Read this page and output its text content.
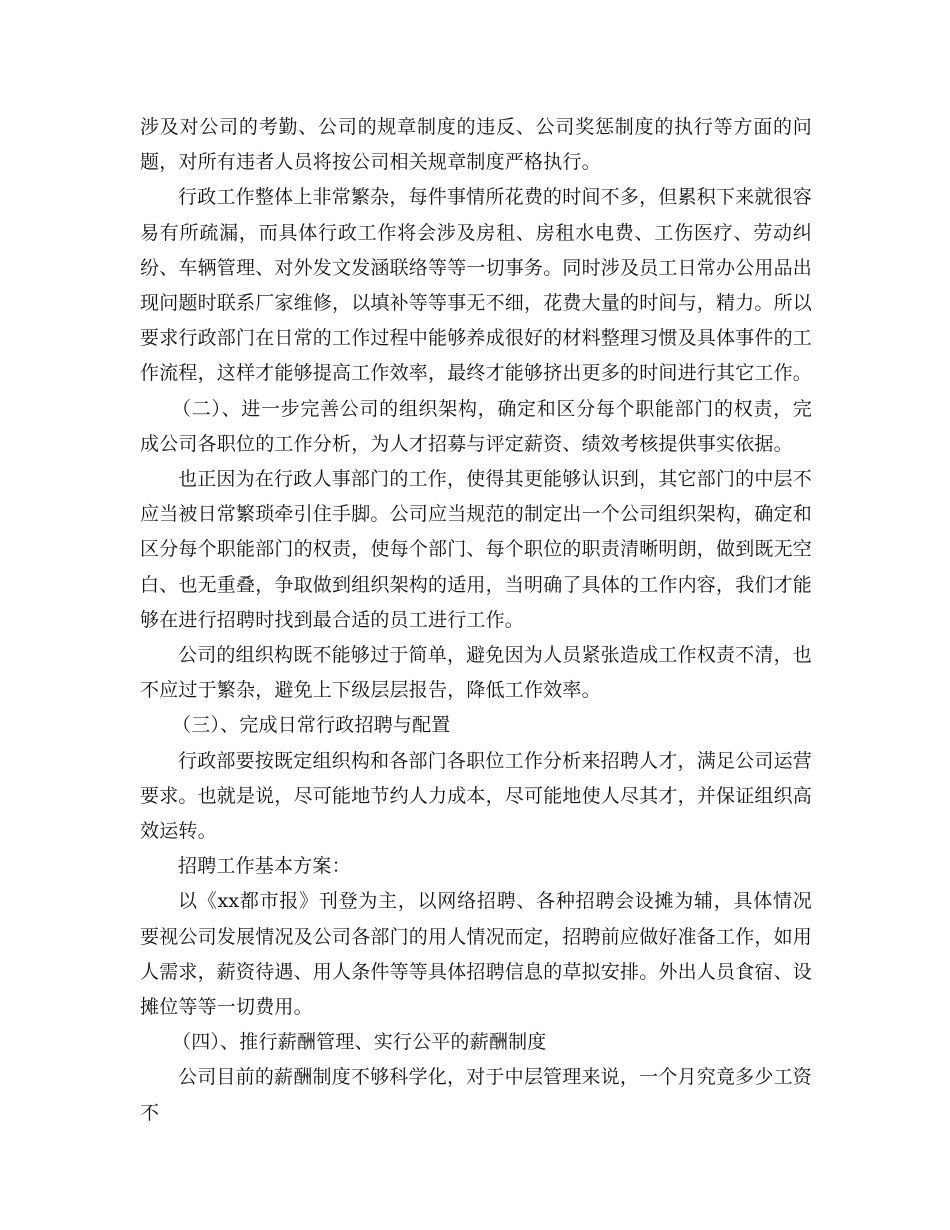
涉及对公司的考勤、公司的规章制度的违反、公司奖惩制度的执行等方面的问题，对所有违者人员将按公司相关规章制度严格执行。

行政工作整体上非常繁杂，每件事情所花费的时间不多，但累积下来就很容易有所疏漏，而具体行政工作将会涉及房租、房租水电费、工伤医疗、劳动纠纷、车辆管理、对外发文发涵联络等等一切事务。同时涉及员工日常办公用品出现问题时联系厂家维修，以填补等等事无不细，花费大量的时间与，精力。所以要求行政部门在日常的工作过程中能够养成很好的材料整理习惯及具体事件的工作流程，这样才能够提高工作效率，最终才能够挤出更多的时间进行其它工作。

（二）、进一步完善公司的组织架构，确定和区分每个职能部门的权责，完成公司各职位的工作分析，为人才招募与评定薪资、绩效考核提供事实依据。

也正因为在行政人事部门的工作，使得其更能够认识到，其它部门的中层不应当被日常繁琐牵引住手脚。公司应当规范的制定出一个公司组织架构，确定和区分每个职能部门的权责，使每个部门、每个职位的职责清晰明朗，做到既无空白、也无重叠，争取做到组织架构的适用，当明确了具体的工作内容，我们才能够在进行招聘时找到最合适的员工进行工作。

公司的组织构既不能够过于简单，避免因为人员紧张造成工作权责不清，也不应过于繁杂，避免上下级层层报告，降低工作效率。

（三）、完成日常行政招聘与配置

行政部要按既定组织构和各部门各职位工作分析来招聘人才，满足公司运营要求。也就是说，尽可能地节约人力成本，尽可能地使人尽其才，并保证组织高效运转。

招聘工作基本方案：

以《xx都市报》刊登为主，以网络招聘、各种招聘会设摊为辅，具体情况要视公司发展情况及公司各部门的用人情况而定，招聘前应做好准备工作，如用人需求，薪资待遇、用人条件等等具体招聘信息的草拟安排。外出人员食宿、设摊位等等一切费用。

（四）、推行薪酬管理、实行公平的薪酬制度

公司目前的薪酬制度不够科学化，对于中层管理来说，一个月究竟多少工资不
